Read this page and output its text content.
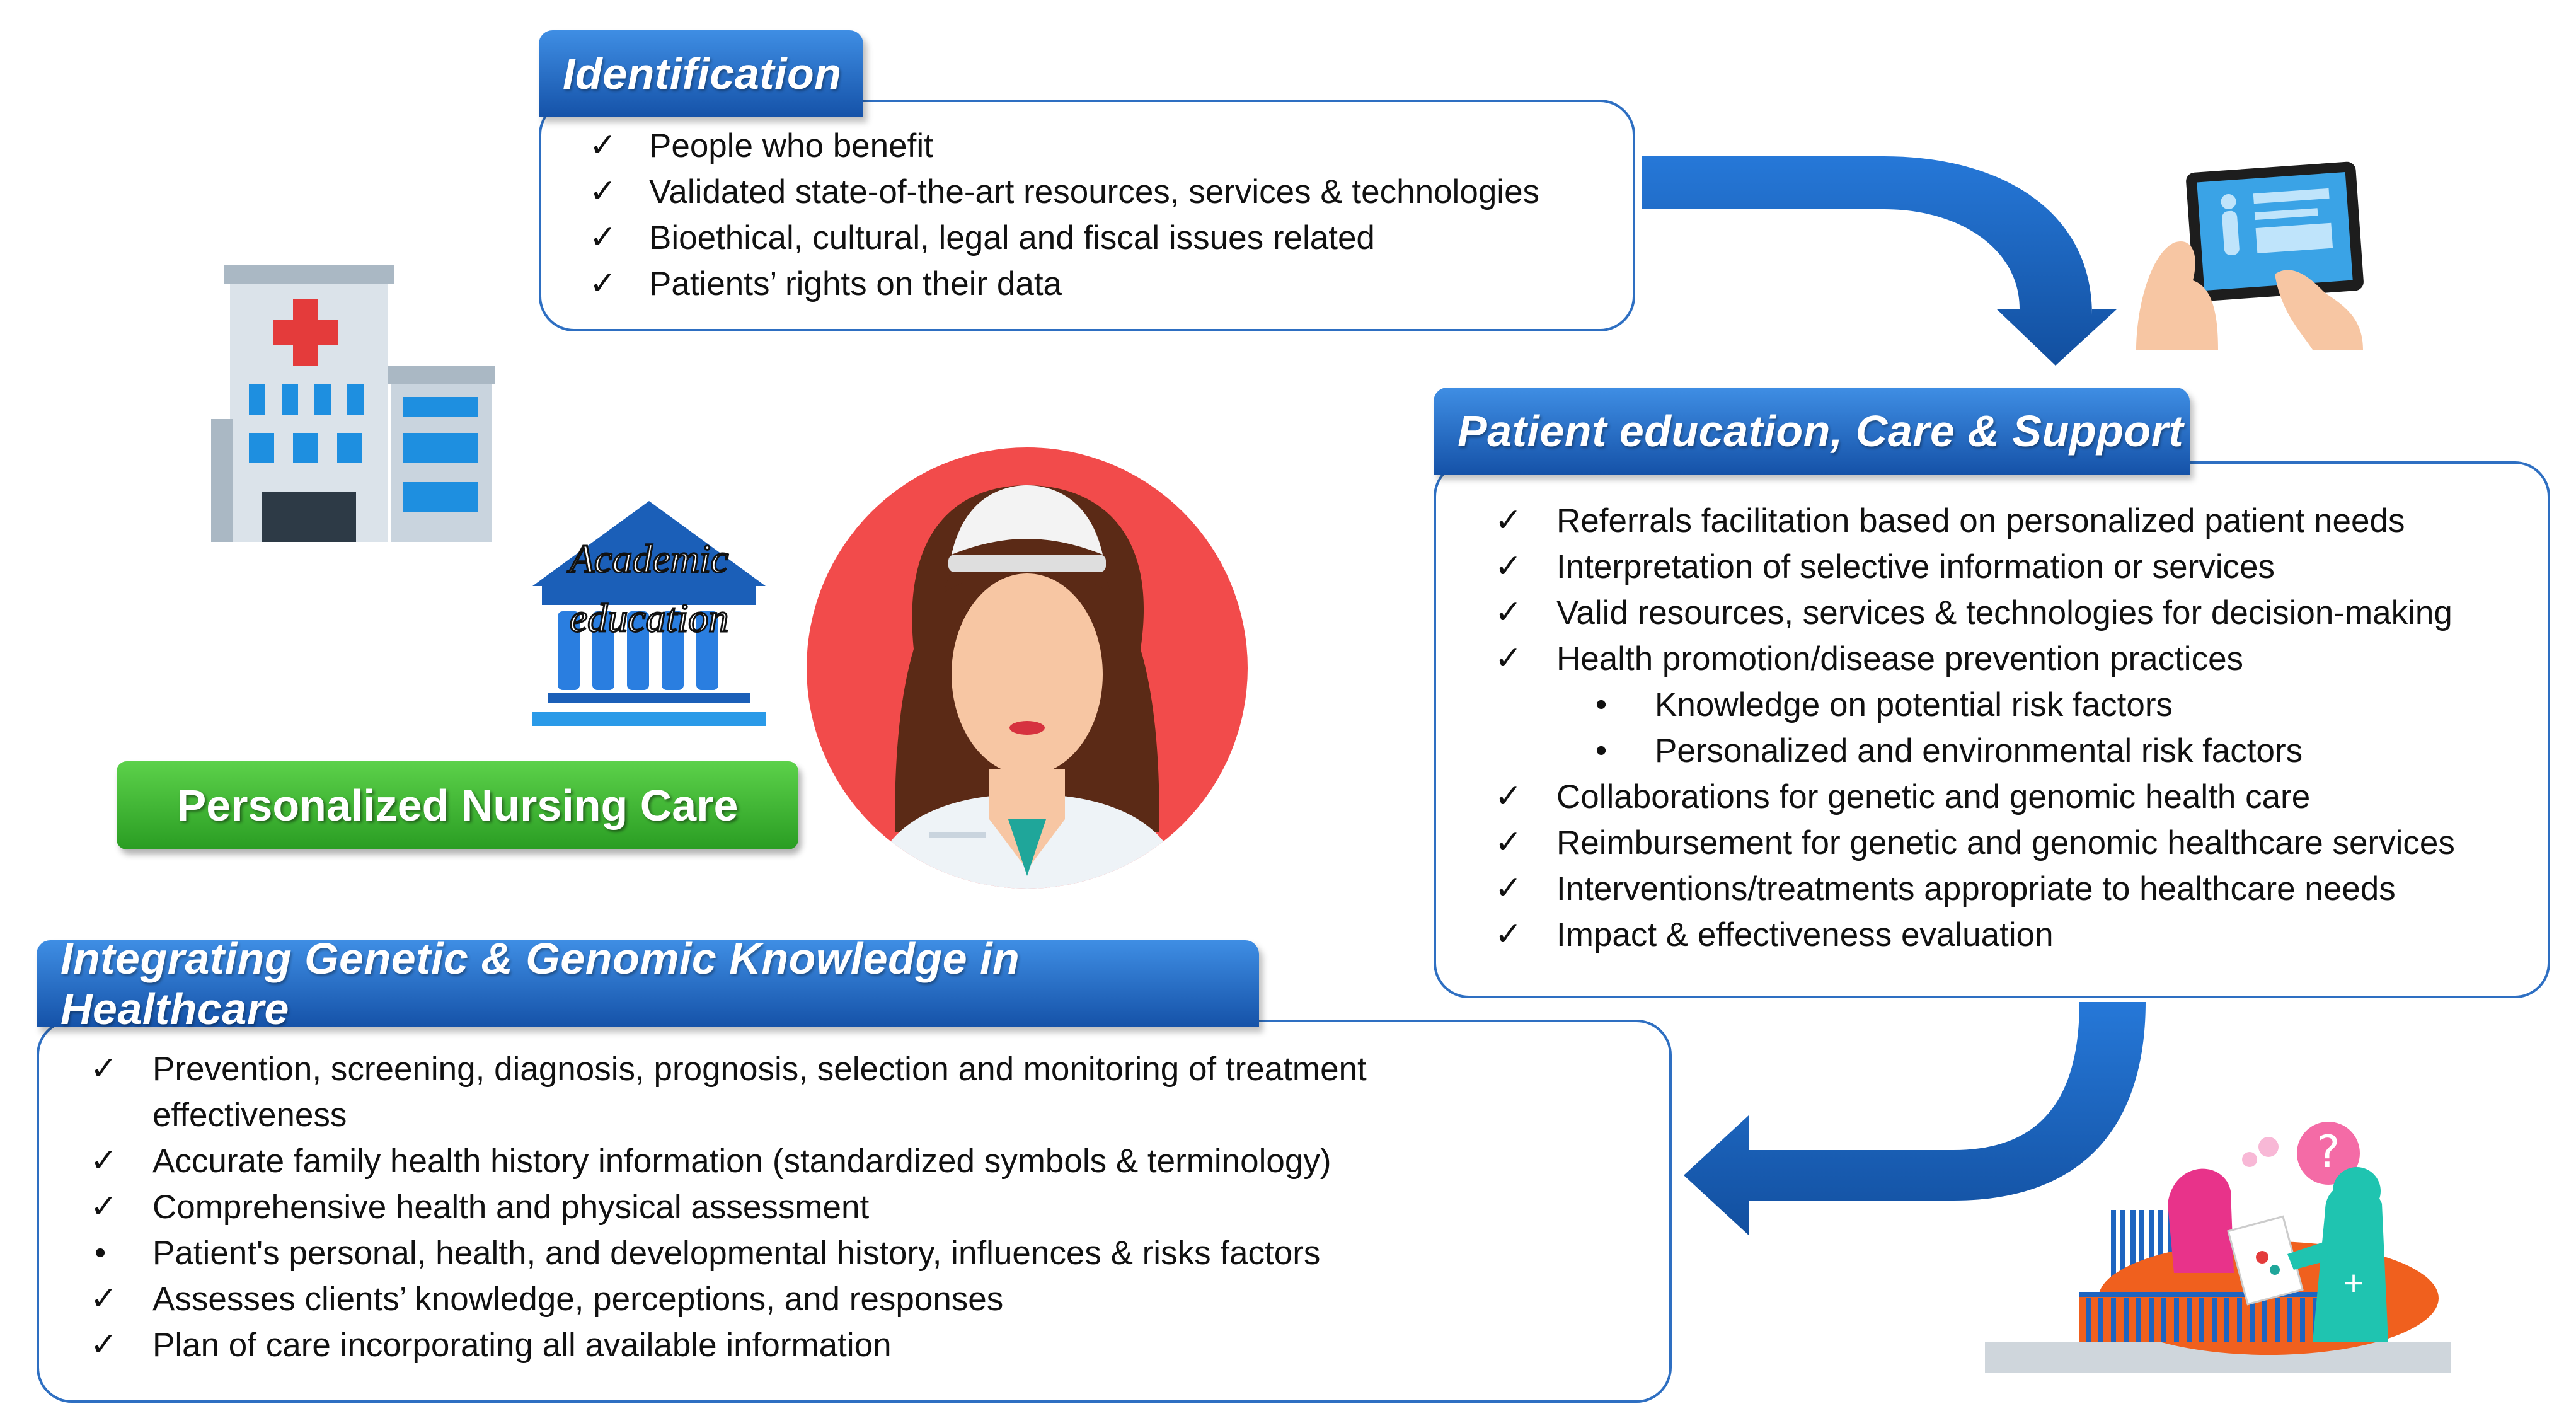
Academic
education
Personalized Nursing Care
?
+
Identification
✓ People who benefit
✓ Validated state-of-the-art resources, services & technologies
✓ Bioethical, cultural, legal and fiscal issues related
✓ Patients’ rights on their data
Patient education, Care & Support
✓ Referrals facilitation based on personalized patient needs
✓ Interpretation of selective information or services
✓ Valid resources, services & technologies for decision-making
✓ Health promotion/disease prevention practices
• Knowledge on potential risk factors
• Personalized and environmental risk factors
✓ Collaborations for genetic and genomic health care
✓ Reimbursement for genetic and genomic healthcare services
✓ Interventions/treatments appropriate to healthcare needs
✓ Impact & effectiveness evaluation
Integrating Genetic & Genomic Knowledge in Healthcare
✓ Prevention, screening, diagnosis, prognosis, selection and monitoring of treatment
effectiveness
✓ Accurate family health history information (standardized symbols & terminology)
✓ Comprehensive health and physical assessment
• Patient's personal, health, and developmental history, influences & risks factors
✓ Assesses clients’ knowledge, perceptions, and responses
✓ Plan of care incorporating all available information
